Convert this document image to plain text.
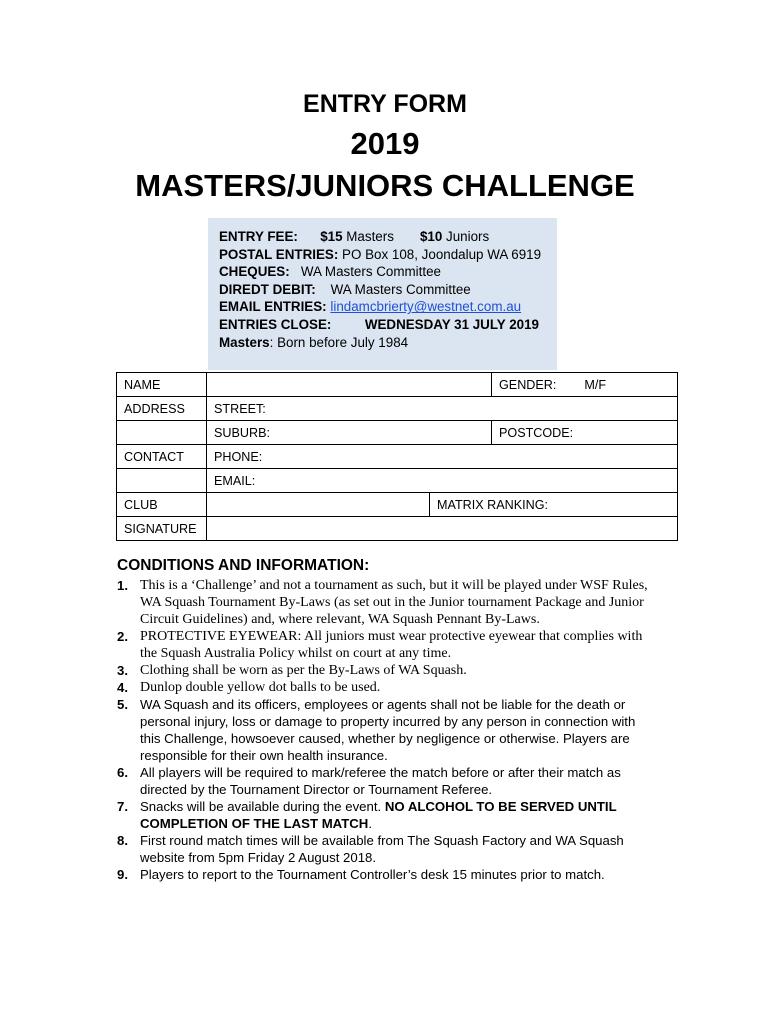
ENTRY FORM
2019
MASTERS/JUNIORS CHALLENGE
ENTRY FEE: $15 Masters $10 Juniors
POSTAL ENTRIES: PO Box 108, Joondalup WA 6919
CHEQUES: WA Masters Committee
DIREDT DEBIT: WA Masters Committee
EMAIL ENTRIES: lindamcbrierty@westnet.com.au
ENTRIES CLOSE: WEDNESDAY 31 JULY 2019
Masters: Born before July 1984
NAME			GENDER: M/F
ADDRESS	STREET:		
	SUBURB:		POSTCODE:
CONTACT	PHONE:		
	EMAIL:		
CLUB		MATRIX RANKING:	
SIGNATURE			
CONDITIONS AND INFORMATION:
1. This is a ‘Challenge’ and not a tournament as such, but it will be played under WSF Rules, WA Squash Tournament By-Laws (as set out in the Junior tournament Package and Junior Circuit Guidelines) and, where relevant, WA Squash Pennant By-Laws.
2. PROTECTIVE EYEWEAR: All juniors must wear protective eyewear that complies with the Squash Australia Policy whilst on court at any time.
3. Clothing shall be worn as per the By-Laws of WA Squash.
4. Dunlop double yellow dot balls to be used.
5. WA Squash and its officers, employees or agents shall not be liable for the death or personal injury, loss or damage to property incurred by any person in connection with this Challenge, howsoever caused, whether by negligence or otherwise. Players are responsible for their own health insurance.
6. All players will be required to mark/referee the match before or after their match as directed by the Tournament Director or Tournament Referee.
7. Snacks will be available during the event. NO ALCOHOL TO BE SERVED UNTIL COMPLETION OF THE LAST MATCH.
8. First round match times will be available from The Squash Factory and WA Squash website from 5pm Friday 2 August 2018.
9. Players to report to the Tournament Controller’s desk 15 minutes prior to match.
